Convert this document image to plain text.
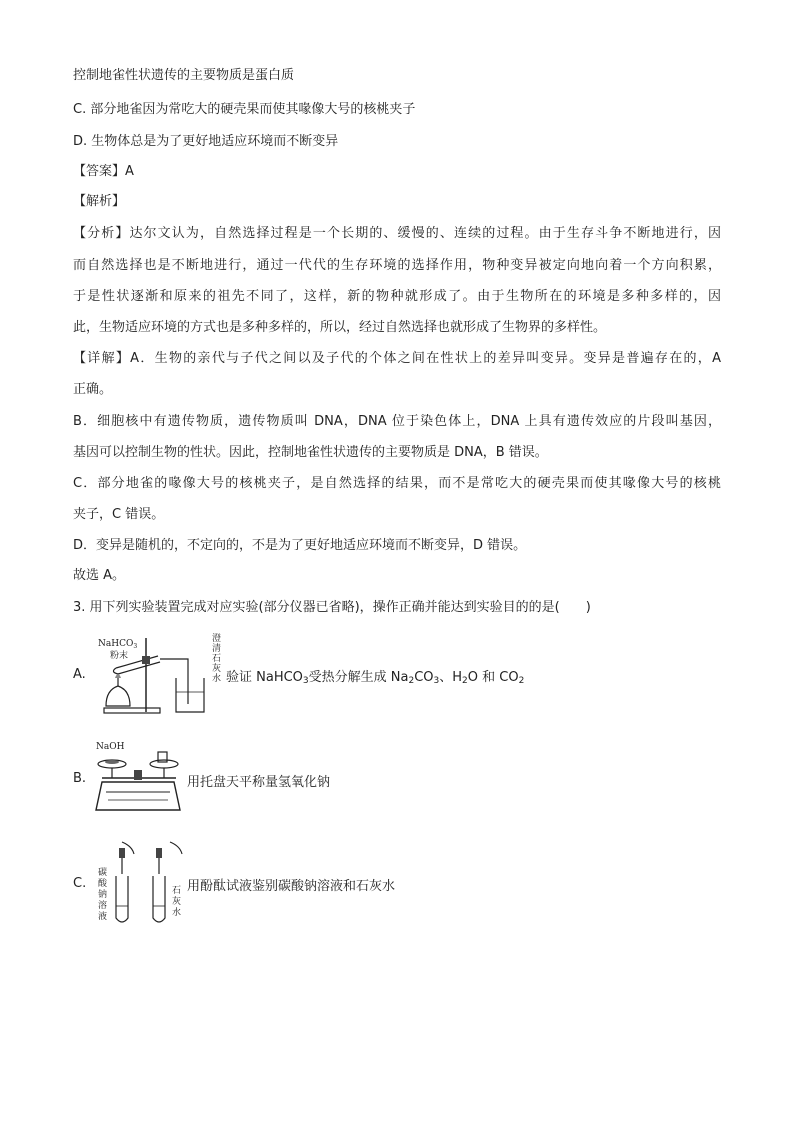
控制地雀性状遗传的主要物质是蛋白质
C. 部分地雀因为常吃大的硬壳果而使其喙像大号的核桃夹子
D. 生物体总是为了更好地适应环境而不断变异
【答案】A
【解析】
【分析】达尔文认为，自然选择过程是一个长期的、缓慢的、连续的过程。由于生存斗争不断地进行，因
而自然选择也是不断地进行，通过一代代的生存环境的选择作用，物种变异被定向地向着一个方向积累，
于是性状逐渐和原来的祖先不同了，这样，新的物种就形成了。由于生物所在的环境是多种多样的，因
此，生物适应环境的方式也是多种多样的，所以，经过自然选择也就形成了生物界的多样性。
【详解】A．生物的亲代与子代之间以及子代的个体之间在性状上的差异叫变异。变异是普遍存在的，A
正确。
B．细胞核中有遗传物质，遗传物质叫 DNA，DNA 位于染色体上，DNA 上具有遗传效应的片段叫基因，
基因可以控制生物的性状。因此，控制地雀性状遗传的主要物质是 DNA，B 错误。
C．部分地雀的喙像大号的核桃夹子，是自然选择的结果，而不是常吃大的硬壳果而使其喙像大号的核桃
夹子，C 错误。
D．变异是随机的，不定向的，不是为了更好地适应环境而不断变异，D 错误。
故选 A。
3. 用下列实验装置完成对应实验(部分仪器已省略)，操作正确并能达到实验目的的是(　　)
A.
NaHCO$_3$
粉末
澄
清
石
灰
水 验证 NaHCO$_3$受热分解生成 $Na_2CO_3$、$H_2O$ 和 $CO_2$
B.
NaOH
用托盘天平称量氢氧化钠
C.
碳
酸
钠
溶
液
石
灰
水
用酚酞试液鉴别碳酸钠溶液和石灰水
